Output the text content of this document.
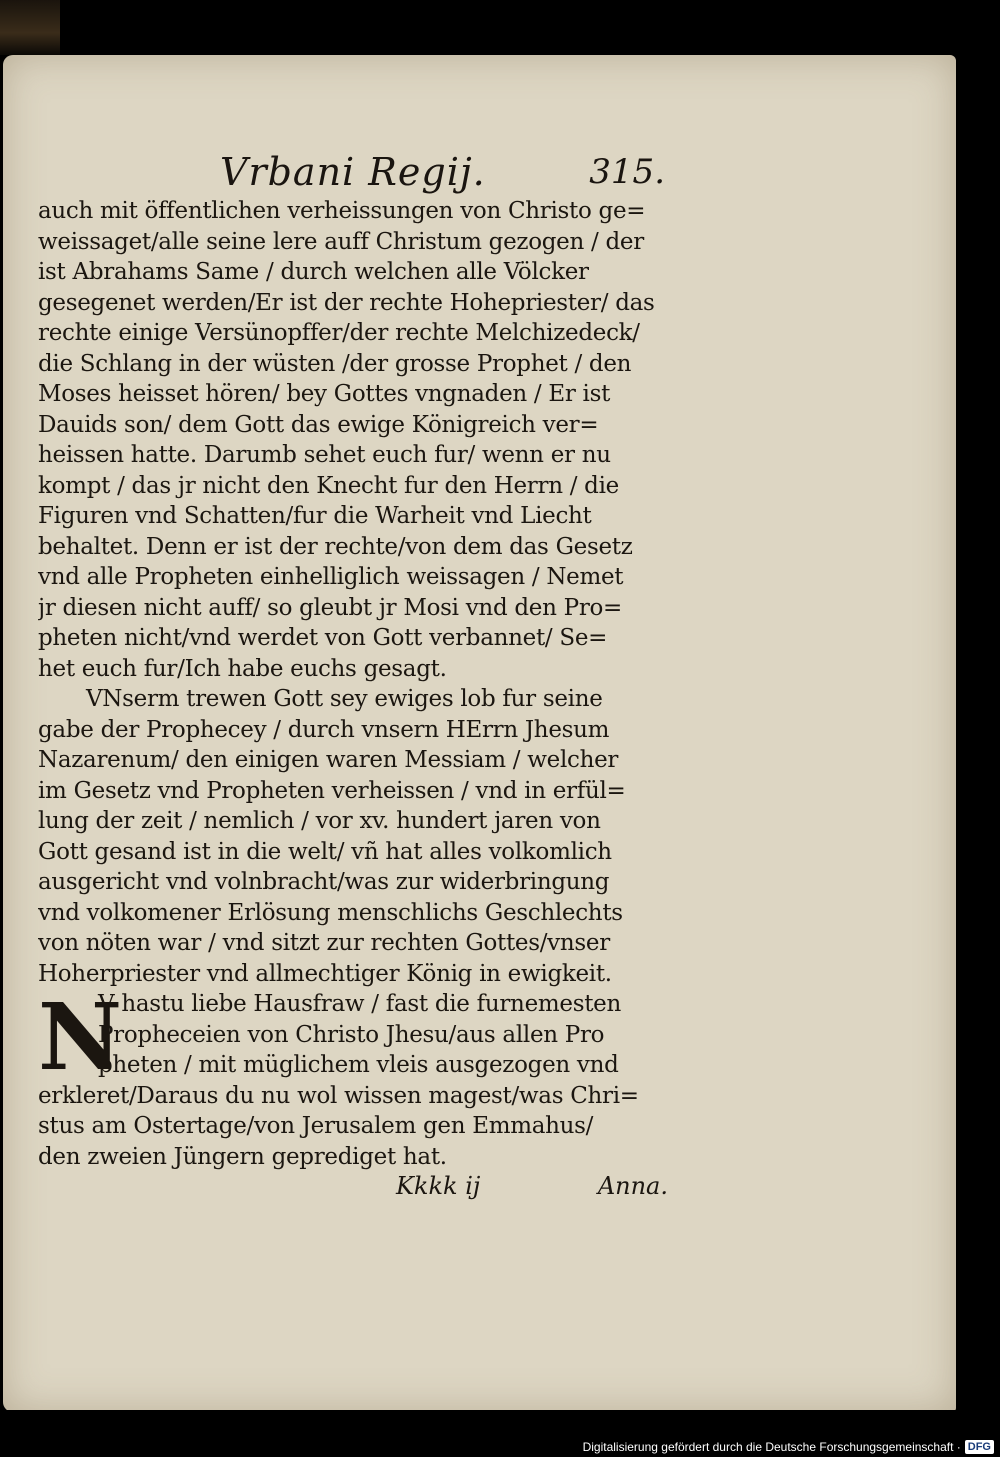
Vrbani Regij.	315.
auch mit öffentlichen verheissungen von Christo ge=
weissaget/alle seine lere auff Christum gezogen / der
ist Abrahams Same / durch welchen alle Völcker
gesegenet werden/Er ist der rechte Hohepriester/ das
rechte einige Versünopffer/der rechte Melchizedeck/
die Schlang in der wüsten /der grosse Prophet / den
Moses heisset hören/ bey Gottes vngnaden / Er ist
Dauids son/ dem Gott das ewige Königreich ver=
heissen hatte. Darumb sehet euch fur/ wenn er nu
kompt / das jr nicht den Knecht fur den Herrn / die
Figuren vnd Schatten/fur die Warheit vnd Liecht
behaltet. Denn er ist der rechte/von dem das Gesetz
vnd alle Propheten einhelliglich weissagen / Nemet
jr diesen nicht auff/ so gleubt jr Mosi vnd den Pro=
pheten nicht/vnd werdet von Gott verbannet/ Se=
het euch fur/Ich habe euchs gesagt.
VNserm trewen Gott sey ewiges lob fur seine
gabe der Prophecey / durch vnsern HErrn Jhesum
Nazarenum/ den einigen waren Messiam / welcher
im Gesetz vnd Propheten verheissen / vnd in erfül=
lung der zeit / nemlich / vor xv. hundert jaren von
Gott gesand ist in die welt/ vñ hat alles volkomlich
ausgericht vnd volnbracht/was zur widerbringung
vnd volkomener Erlösung menschlichs Geschlechts
von nöten war / vnd sitzt zur rechten Gottes/vnser
Hoherpriester vnd allmechtiger König in ewigkeit.
V hastu liebe Hausfraw / fast die furnemesten
Propheceien von Christo Jhesu/aus allen Pro
pheten / mit müglichem vleis ausgezogen vnd
erkleret/Daraus du nu wol wissen magest/was Chri=
stus am Ostertage/von Jerusalem gen Emmahus/
den zweien Jüngern geprediget hat.
N
Kkkk ij	Anna.
Digitalisierung gefördert durch die Deutsche Forschungsgemeinschaft · DFG
